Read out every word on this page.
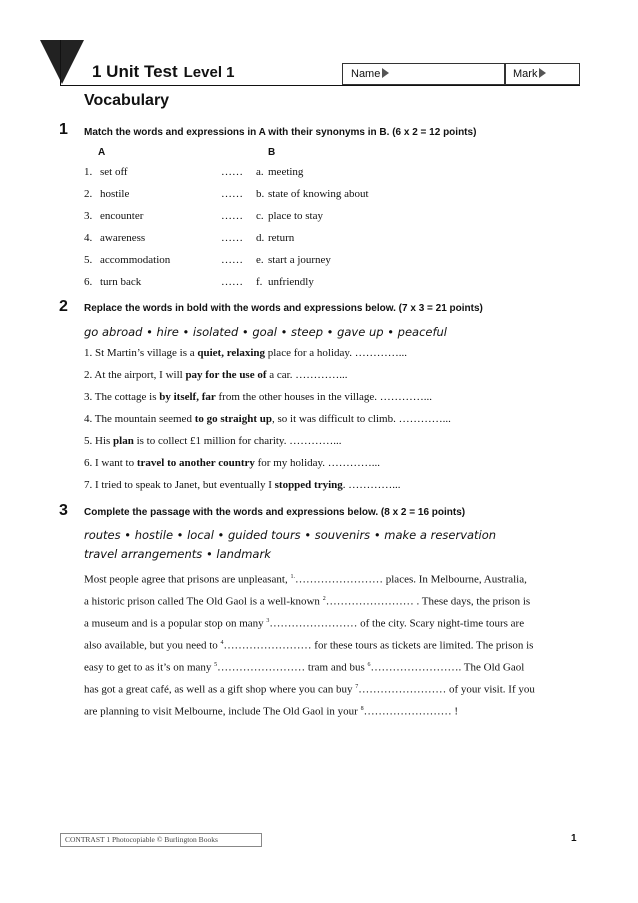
1 Unit Test Level 1	Name	Mark
Vocabulary
1 Match the words and expressions in A with their synonyms in B. (6 x 2 = 12 points)
A	B
1. set off	…… a. meeting
2. hostile	…… b. state of knowing about
3. encounter	…… c. place to stay
4. awareness	…… d. return
5. accommodation	…… e. start a journey
6. turn back	…… f. unfriendly
2 Replace the words in bold with the words and expressions below. (7 x 3 = 21 points)
go abroad • hire • isolated • goal • steep • gave up • peaceful
1. St Martin’s village is a quiet, relaxing place for a holiday. …………...
2. At the airport, I will pay for the use of a car. …………...
3. The cottage is by itself, far from the other houses in the village. …………...
4. The mountain seemed to go straight up, so it was difficult to climb. …………...
5. His plan is to collect £1 million for charity. …………...
6. I want to travel to another country for my holiday. …………...
7. I tried to speak to Janet, but eventually I stopped trying. …………...
3 Complete the passage with the words and expressions below. (8 x 2 = 16 points)
routes • hostile • local • guided tours • souvenirs • make a reservation
travel arrangements • landmark
Most people agree that prisons are unpleasant, $^{1.}$…………………… places. In Melbourne, Australia,
a historic prison called The Old Gaol is a well-known $^2$…………………… . These days, the prison is
a museum and is a popular stop on many $^3$…………………… of the city. Scary night-time tours are
also available, but you need to $^4$…………………… for these tours as tickets are limited. The prison is
easy to get to as it’s on many $^5$…………………… tram and bus $^6$……………………. The Old Gaol
has got a great café, as well as a gift shop where you can buy $^7$…………………… of your visit. If you
are planning to visit Melbourne, include The Old Gaol in your $^8$…………………… !
CONTRAST 1 Photocopiable © Burlington Books	1
